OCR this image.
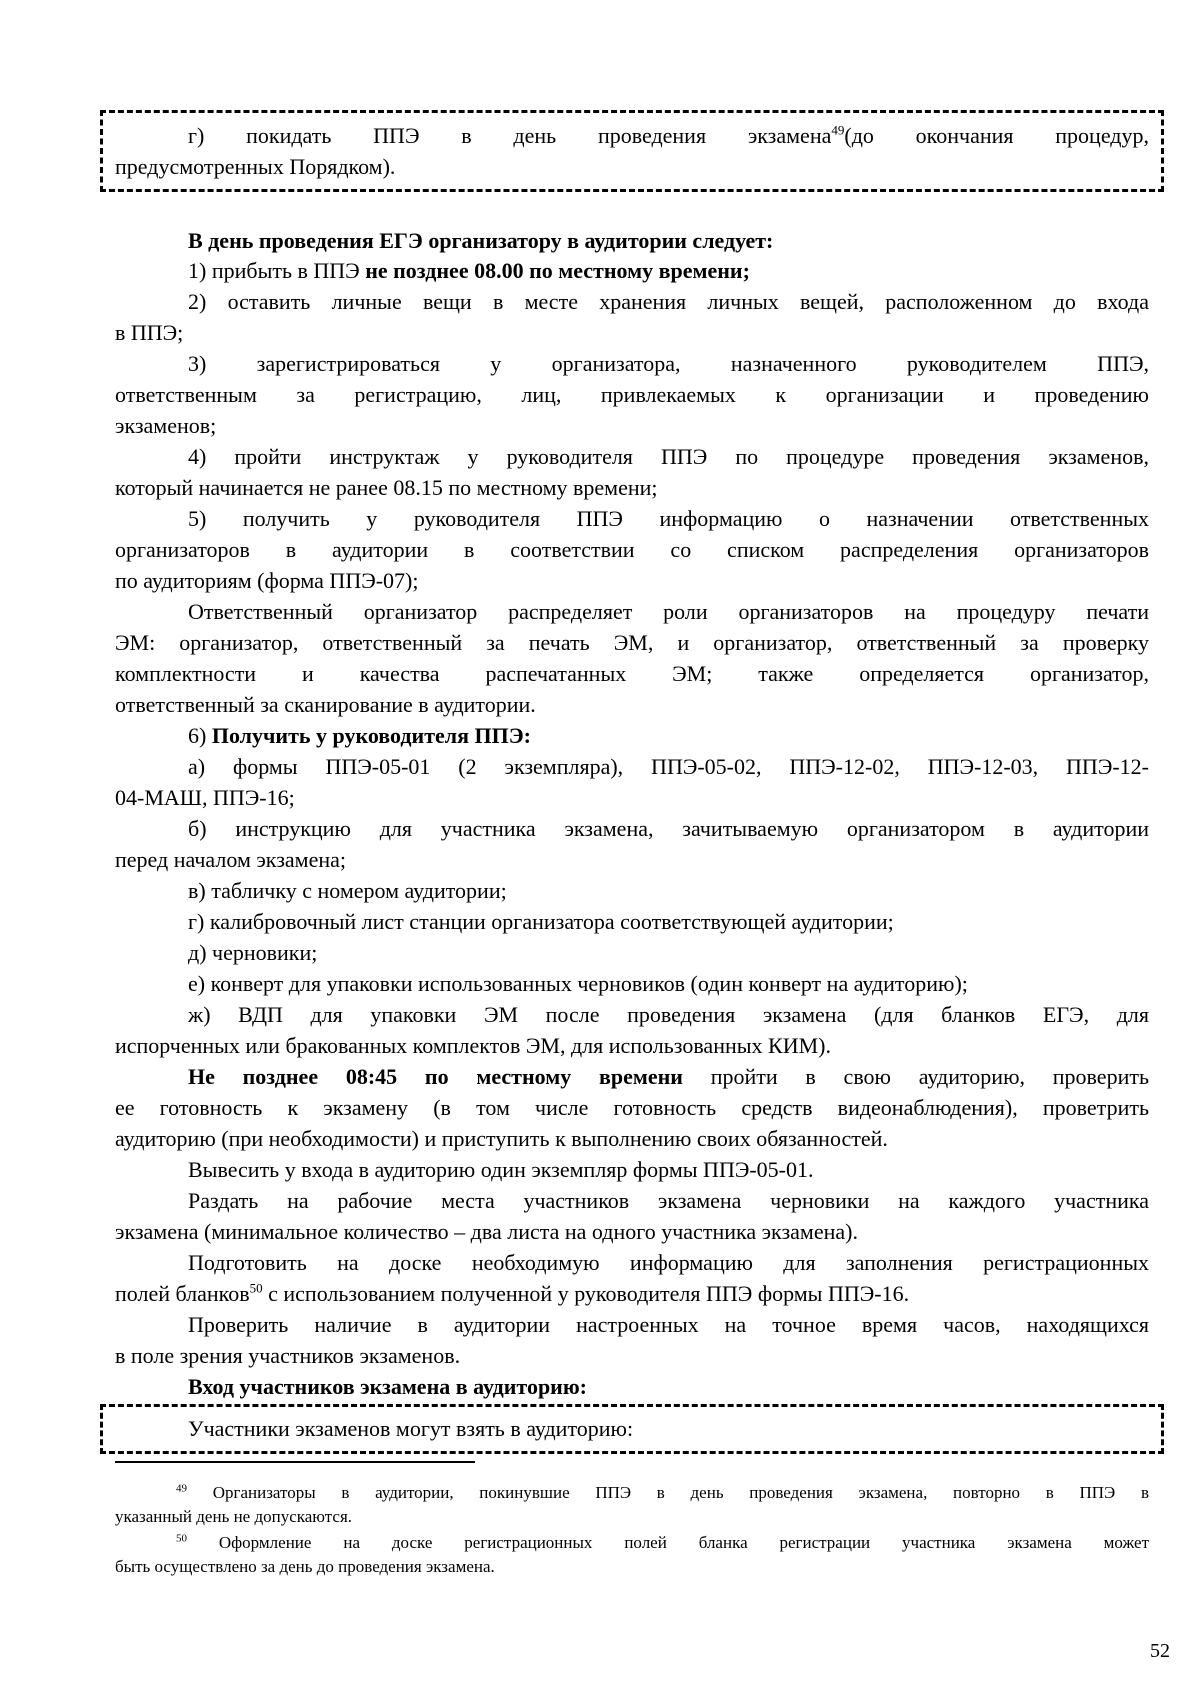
г) покидать ППЭ в день проведения экзамена$^{49}$(до окончания процедур,
предусмотренных Порядком).
В день проведения ЕГЭ организатору в аудитории следует:
1) прибыть в ППЭ не позднее 08.00 по местному времени;
2) оставить личные вещи в месте хранения личных вещей, расположенном до входа
в ППЭ;
3) зарегистрироваться у организатора, назначенного руководителем ППЭ,
ответственным за регистрацию, лиц, привлекаемых к организации и проведению
экзаменов;
4) пройти инструктаж у руководителя ППЭ по процедуре проведения экзаменов,
который начинается не ранее 08.15 по местному времени;
5) получить у руководителя ППЭ информацию о назначении ответственных
организаторов в аудитории в соответствии со списком распределения организаторов
по аудиториям (форма ППЭ-07);
Ответственный организатор распределяет роли организаторов на процедуру печати
ЭМ: организатор, ответственный за печать ЭМ, и организатор, ответственный за проверку
комплектности и качества распечатанных ЭМ; также определяется организатор,
ответственный за сканирование в аудитории.
6) Получить у руководителя ППЭ:
а) формы ППЭ-05-01 (2 экземпляра), ППЭ-05-02, ППЭ-12-02, ППЭ-12-03, ППЭ-12-
04-МАШ, ППЭ-16;
б) инструкцию для участника экзамена, зачитываемую организатором в аудитории
перед началом экзамена;
в) табличку с номером аудитории;
г) калибровочный лист станции организатора соответствующей аудитории;
д) черновики;
е) конверт для упаковки использованных черновиков (один конверт на аудиторию);
ж) ВДП для упаковки ЭМ после проведения экзамена (для бланков ЕГЭ, для
испорченных или бракованных комплектов ЭМ, для использованных КИМ).
Не позднее 08:45 по местному времени пройти в свою аудиторию, проверить
ее готовность к экзамену (в том числе готовность средств видеонаблюдения), проветрить
аудиторию (при необходимости) и приступить к выполнению своих обязанностей.
Вывесить у входа в аудиторию один экземпляр формы ППЭ-05-01.
Раздать на рабочие места участников экзамена черновики на каждого участника
экзамена (минимальное количество – два листа на одного участника экзамена).
Подготовить на доске необходимую информацию для заполнения регистрационных
полей бланков$^{50}$ с использованием полученной у руководителя ППЭ формы ППЭ-16.
Проверить наличие в аудитории настроенных на точное время часов, находящихся
в поле зрения участников экзаменов.
Вход участников экзамена в аудиторию:
Участники экзаменов могут взять в аудиторию:
$^{49}$ Организаторы в аудитории, покинувшие ППЭ в день проведения экзамена, повторно в ППЭ в
указанный день не допускаются.
$^{50}$ Оформление на доске регистрационных полей бланка регистрации участника экзамена может
быть осуществлено за день до проведения экзамена.
52
